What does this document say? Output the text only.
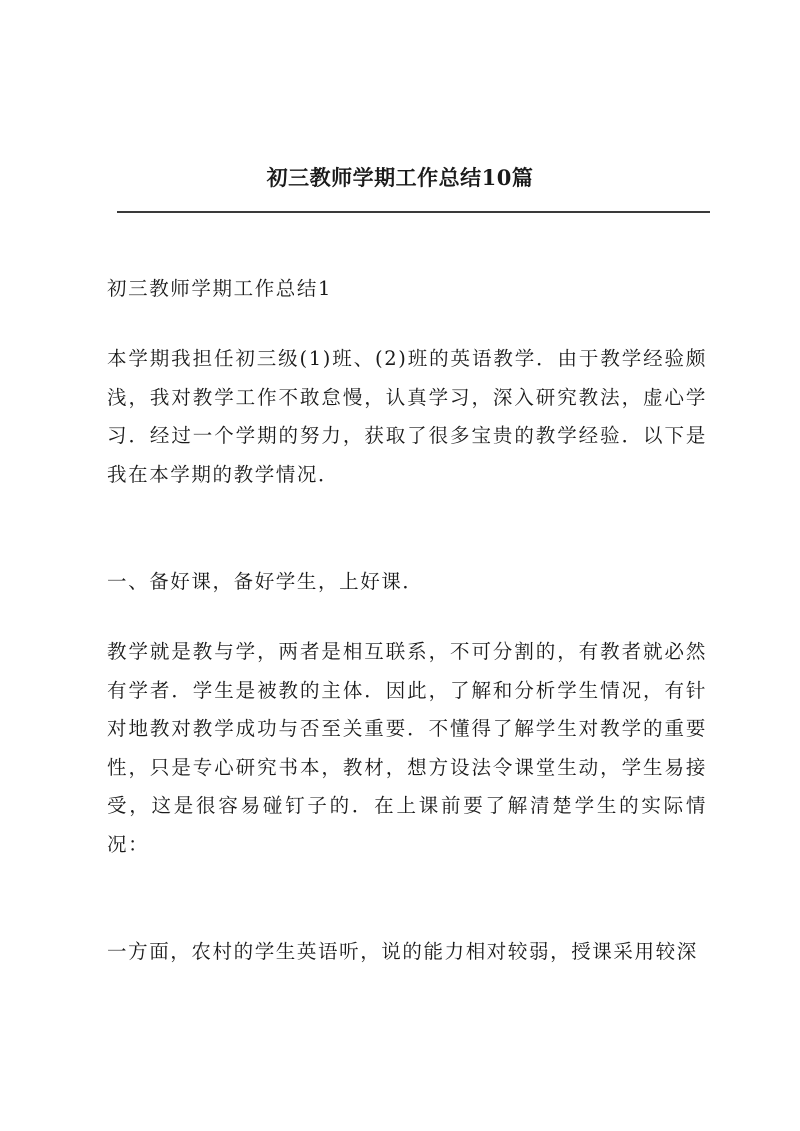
初三教师学期工作总结10篇

初三教师学期工作总结1

本学期我担任初三级(1)班、(2)班的英语教学．由于教学经验颇浅，我对教学工作不敢怠慢，认真学习，深入研究教法，虚心学习．经过一个学期的努力，获取了很多宝贵的教学经验．以下是我在本学期的教学情况．

一、备好课，备好学生，上好课．

教学就是教与学，两者是相互联系，不可分割的，有教者就必然有学者．学生是被教的主体．因此，了解和分析学生情况，有针对地教对教学成功与否至关重要．不懂得了解学生对教学的重要性，只是专心研究书本，教材，想方设法令课堂生动，学生易接受，这是很容易碰钉子的．在上课前要了解清楚学生的实际情况：

一方面，农村的学生英语听，说的能力相对较弱，授课采用较深
